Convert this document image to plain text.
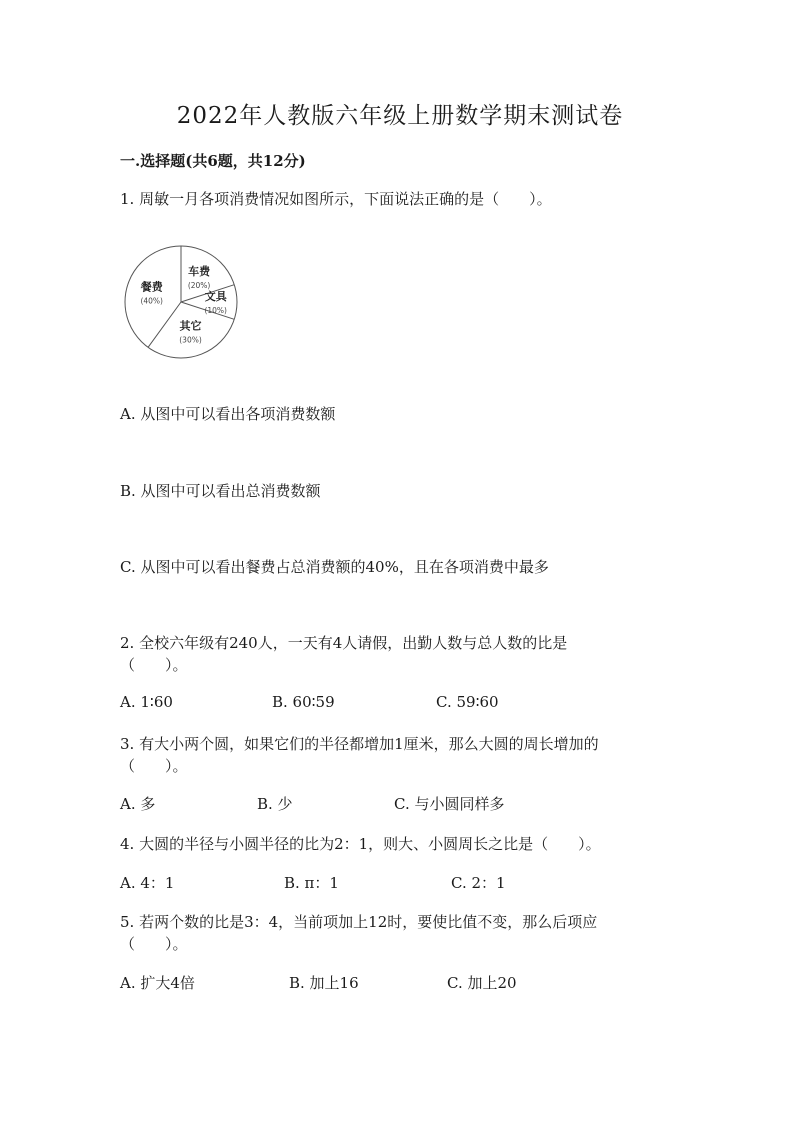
2022年人教版六年级上册数学期末测试卷
一.选择题(共6题，共12分)
1. 周敏一月各项消费情况如图所示，下面说法正确的是（　　）。
车费
(20%)
文具
(10%)
其它
(30%)
餐费
(40%)
A. 从图中可以看出各项消费数额
B. 从图中可以看出总消费数额
C. 从图中可以看出餐费占总消费额的40%，且在各项消费中最多
2. 全校六年级有240人，一天有4人请假，出勤人数与总人数的比是
（　　）。
A. 1∶60	B. 60∶59	C. 59∶60
3. 有大小两个圆，如果它们的半径都增加1厘米，那么大圆的周长增加的
（　　）。
A. 多	B. 少	C. 与小圆同样多
4. 大圆的半径与小圆半径的比为2：1，则大、小圆周长之比是（　　）。
A. 4：1	B. π：1	C. 2：1
5. 若两个数的比是3：4，当前项加上12时，要使比值不变，那么后项应
（　　）。
A. 扩大4倍	B. 加上16	C. 加上20
